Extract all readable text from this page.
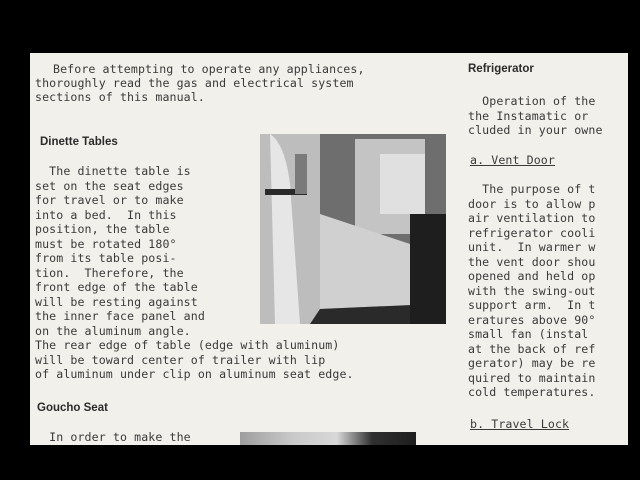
Before attempting to operate any appliances,
thoroughly read the gas and electrical system
sections of this manual.
Dinette Tables
The dinette table is
set on the seat edges
for travel or to make
into a bed.  In this
position, the table
must be rotated 180°
from its table posi-
tion.  Therefore, the
front edge of the table
will be resting against
the inner face panel and
on the aluminum angle.
The rear edge of table (edge with aluminum)
will be toward center of trailer with lip
of aluminum under clip on aluminum seat edge.
Goucho Seat
In order to make the
Refrigerator
Operation of the
the Instamatic or
cluded in your owne
a. Vent Door
The purpose of t
door is to allow p
air ventilation to
refrigerator cooli
unit.  In warmer w
the vent door shou
opened and held op
with the swing-out
support arm.  In t
eratures above 90°
small fan (instal
at the back of ref
gerator) may be re
quired to maintain
cold temperatures.
b. Travel Lock
